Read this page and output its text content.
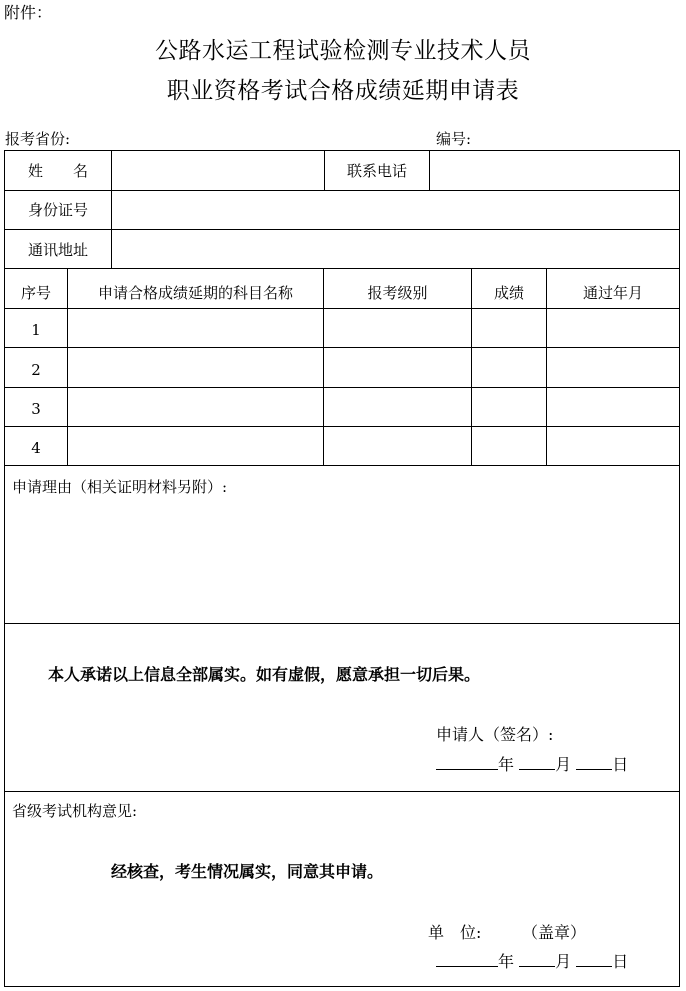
附件：
公路水运工程试验检测专业技术人员
职业资格考试合格成绩延期申请表
报考省份:	编号:
姓　　名	联系电话
身份证号
通讯地址
序号	申请合格成绩延期的科目名称	报考级别	成绩	通过年月
1
2
3
4
申请理由（相关证明材料另附）:
本人承诺以上信息全部属实。如有虚假，愿意承担一切后果。
申请人（签名）:
年	月	日
省级考试机构意见:
经核查，考生情况属实，同意其申请。
单　位:	（盖章）
年	月	日
